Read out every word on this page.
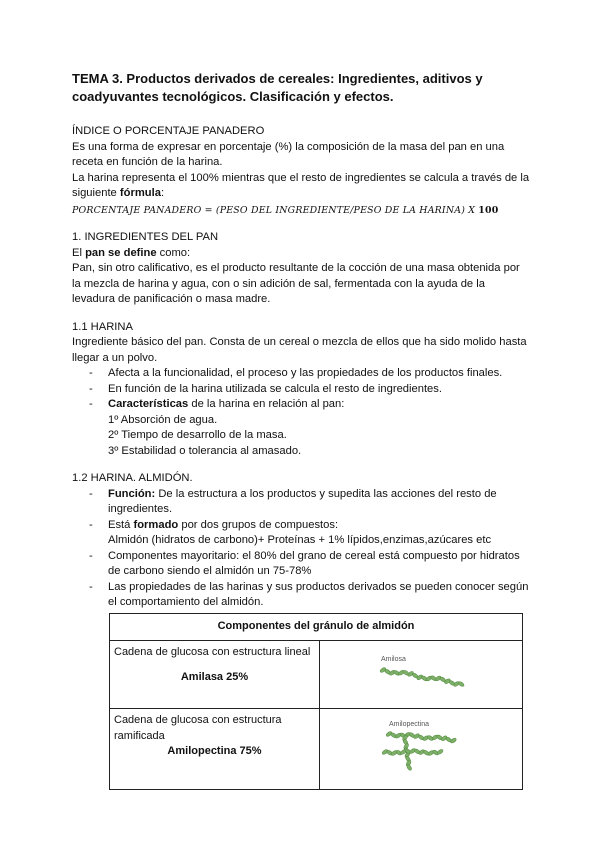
TEMA 3. Productos derivados de cereales: Ingredientes, aditivos y coadyuvantes tecnológicos. Clasificación y efectos.

ÍNDICE O PORCENTAJE PANADERO

Es una forma de expresar en porcentaje (%) la composición de la masa del pan en una receta en función de la harina.

La harina representa el 100% mientras que el resto de ingredientes se calcula a través de la siguiente fórmula:

PORCENTAJE PANADERO = (PESO DEL INGREDIENTE/PESO DE LA HARINA) X 100

1. INGREDIENTES DEL PAN

El pan se define como:

Pan, sin otro calificativo, es el producto resultante de la cocción de una masa obtenida por la mezcla de harina y agua, con o sin adición de sal, fermentada con la ayuda de la levadura de panificación o masa madre.

1.1 HARINA

Ingrediente básico del pan. Consta de un cereal o mezcla de ellos que ha sido molido hasta llegar a un polvo.

- Afecta a la funcionalidad, el proceso y las propiedades de los productos finales.
- En función de la harina utilizada se calcula el resto de ingredientes.
- Características de la harina en relación al pan:

1º Absorción de agua.

2º Tiempo de desarrollo de la masa.

3º Estabilidad o tolerancia al amasado.

1.2 HARINA. ALMIDÓN.

- Función: De la estructura a los productos y supedita las acciones del resto de ingredientes.
- Está formado por dos grupos de compuestos:

Almidón (hidratos de carbono)+ Proteínas + 1% lípidos,enzimas,azúcares etc

- Componentes mayoritario: el 80% del grano de cereal está compuesto por hidratos de carbono siendo el almidón un 75-78%
- Las propiedades de las harinas y sus productos derivados se pueden conocer según el comportamiento del almidón.
Componentes del gránulo de almidón	

Cadena de glucosa con estructura lineal
Amilasa 25%	Amilosa

Cadena de glucosa con estructura ramificada
Amilopectina 75%	Amilopectina
